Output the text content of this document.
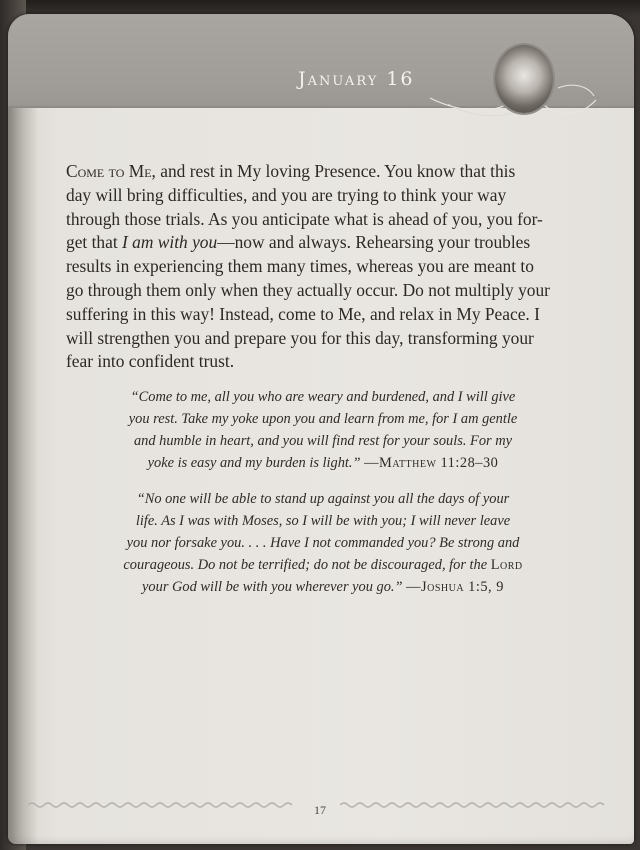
January 16
Come to Me, and rest in My loving Presence. You know that this
day will bring difficulties, and you are trying to think your way
through those trials. As you anticipate what is ahead of you, you for-
get that I am with you—now and always. Rehearsing your troubles
results in experiencing them many times, whereas you are meant to
go through them only when they actually occur. Do not multiply your
suffering in this way! Instead, come to Me, and relax in My Peace. I
will strengthen you and prepare you for this day, transforming your
fear into confident trust.
“Come to me, all you who are weary and burdened, and I will give
you rest. Take my yoke upon you and learn from me, for I am gentle
and humble in heart, and you will find rest for your souls. For my
yoke is easy and my burden is light.” —Matthew 11:28–30
“No one will be able to stand up against you all the days of your
life. As I was with Moses, so I will be with you; I will never leave
you nor forsake you. . . . Have I not commanded you? Be strong and
courageous. Do not be terrified; do not be discouraged, for the Lord
your God will be with you wherever you go.” —Joshua 1:5, 9
17
